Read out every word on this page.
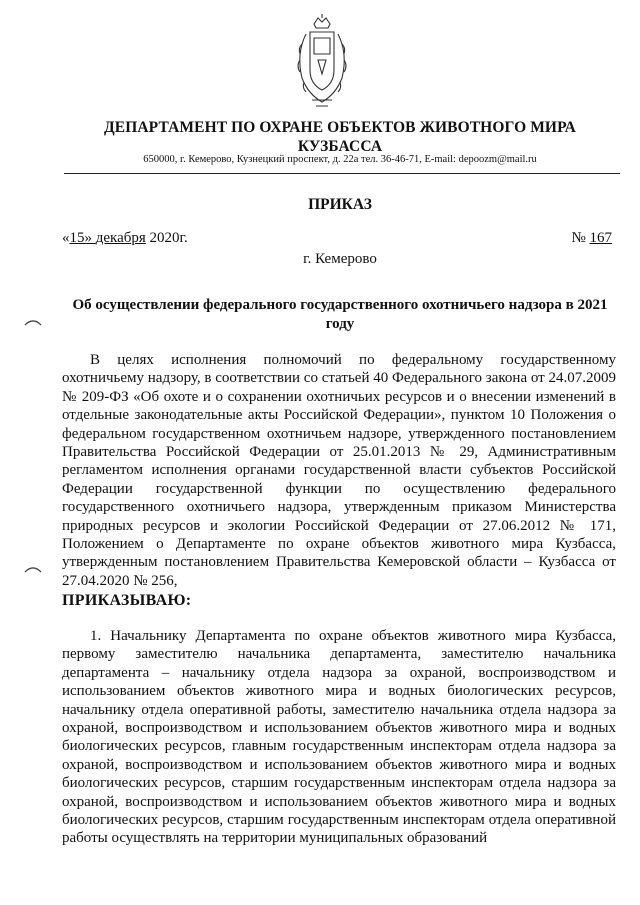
ДЕПАРТАМЕНТ ПО ОХРАНЕ ОБЪЕКТОВ ЖИВОТНОГО МИРА
КУЗБАССА
650000, г. Кемерово, Кузнецкий проспект, д. 22а тел. 36-46-71, E-mail: depoozm@mail.ru
ПРИКАЗ
«15» декабря 2020г.	№ 167
г. Кемерово
Об осуществлении федерального государственного охотничьего надзора в 2021 году

В целях исполнения полномочий по федеральному государственному охотничьему надзору, в соответствии со статьей 40 Федерального закона от 24.07.2009 № 209-ФЗ «Об охоте и о сохранении охотничьих ресурсов и о внесении изменений в отдельные законодательные акты Российской Федерации», пунктом 10 Положения о федеральном государственном охотничьем надзоре, утвержденного постановлением Правительства Российской Федерации от 25.01.2013 № 29, Административным регламентом исполнения органами государственной власти субъектов Российской Федерации государственной функции по осуществлению федерального государственного охотничьего надзора, утвержденным приказом Министерства природных ресурсов и экологии Российской Федерации от 27.06.2012 № 171, Положением о Департаменте по охране объектов животного мира Кузбасса, утвержденным постановлением Правительства Кемеровской области – Кузбасса от 27.04.2020 № 256,

ПРИКАЗЫВАЮ:

1. Начальнику Департамента по охране объектов животного мира Кузбасса, первому заместителю начальника департамента, заместителю начальника департамента – начальнику отдела надзора за охраной, воспроизводством и использованием объектов животного мира и водных биологических ресурсов, начальнику отдела оперативной работы, заместителю начальника отдела надзора за охраной, воспроизводством и использованием объектов животного мира и водных биологических ресурсов, главным государственным инспекторам отдела надзора за охраной, воспроизводством и использованием объектов животного мира и водных биологических ресурсов, старшим государственным инспекторам отдела надзора за охраной, воспроизводством и использованием объектов животного мира и водных биологических ресурсов, старшим государственным инспекторам отдела оперативной работы осуществлять на территории муниципальных образований
